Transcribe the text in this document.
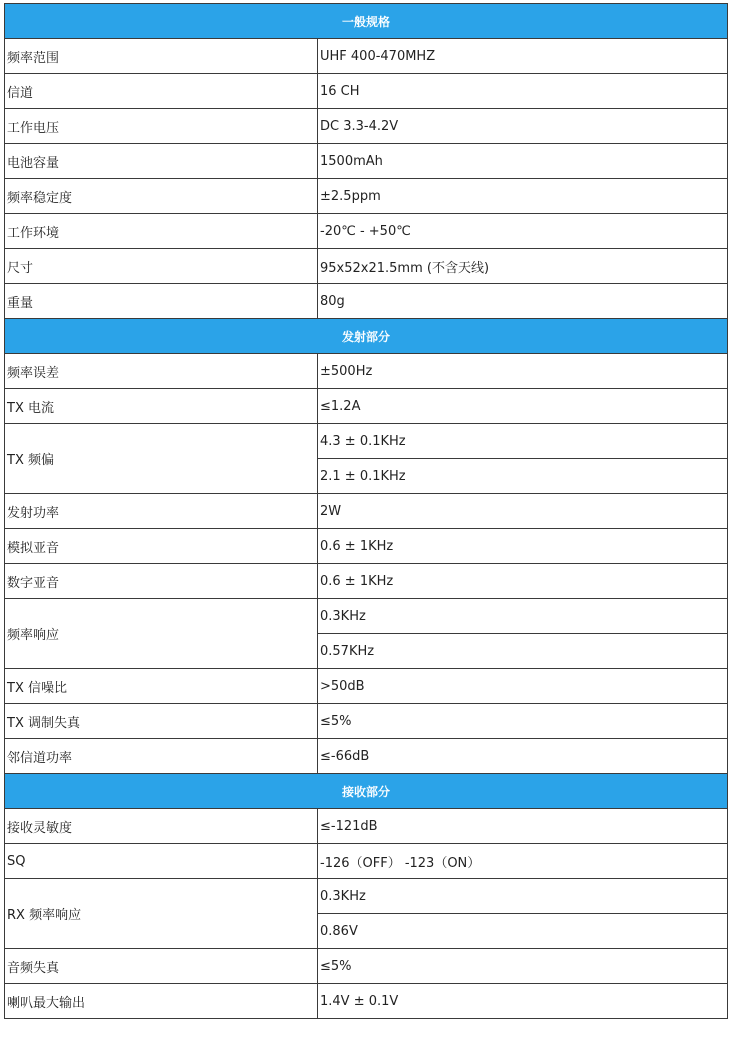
一般规格	
频率范围	UHF 400-470MHZ
信道	16 CH
工作电压	DC 3.3-4.2V
电池容量	1500mAh
频率稳定度	±2.5ppm
工作环境	-20℃ - +50℃
尺寸	95x52x21.5mm (不含天线)
重量	80g
发射部分	
频率误差	±500Hz
TX 电流	≤1.2A
TX 频偏	4.3 ± 0.1KHz
	2.1 ± 0.1KHz
发射功率	2W
模拟亚音	0.6 ± 1KHz
数字亚音	0.6 ± 1KHz
频率响应	0.3KHz
	0.57KHz
TX 信噪比	>50dB
TX 调制失真	≤5%
邻信道功率	≤-66dB
接收部分	
接收灵敏度	≤-121dB
SQ	-126（OFF） -123（ON）
RX 频率响应	0.3KHz
	0.86V
音频失真	≤5%
喇叭最大输出	1.4V ± 0.1V
